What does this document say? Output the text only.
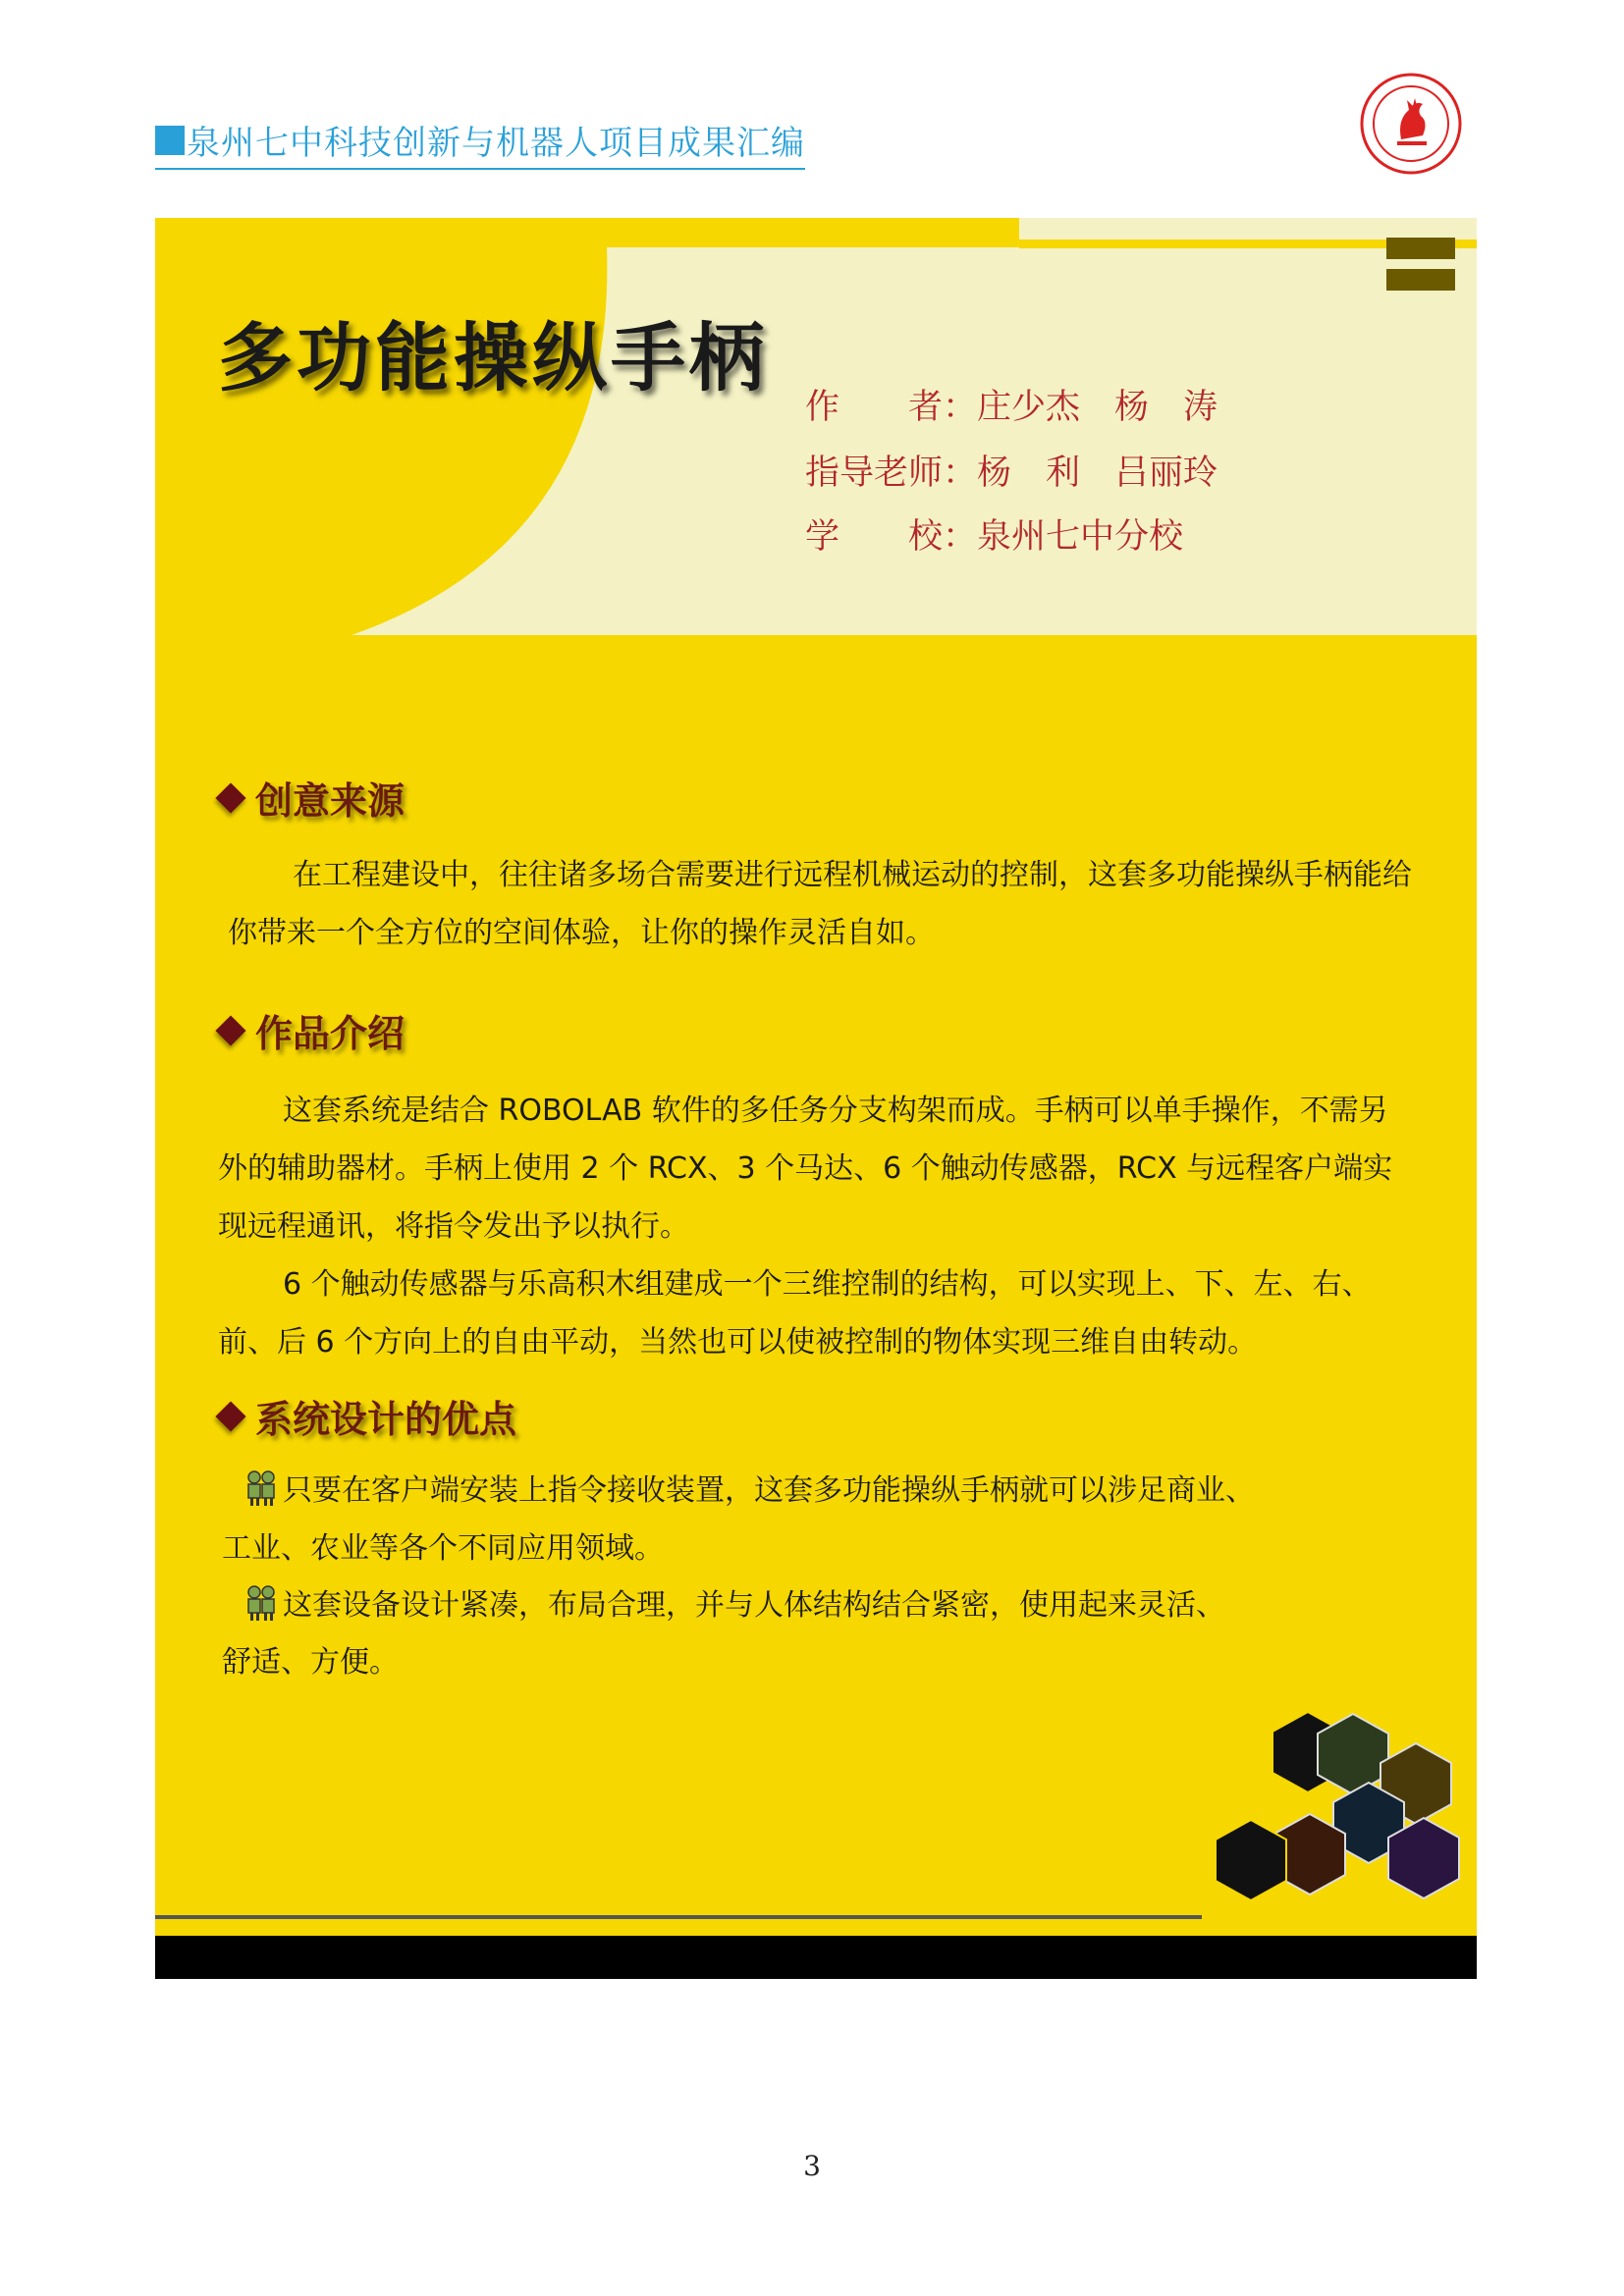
泉州七中科技创新与机器人项目成果汇编
多功能操纵手柄
作　　者：庄少杰　杨　涛
指导老师：杨　利　吕丽玲
学　　校：泉州七中分校
创意来源

在工程建设中，往往诸多场合需要进行远程机械运动的控制，这套多功能操纵手柄能给你带来一个全方位的空间体验，让你的操作灵活自如。

作品介绍

这套系统是结合 ROBOLAB 软件的多任务分支构架而成。手柄可以单手操作，不需另外的辅助器材。手柄上使用 2 个 RCX、3 个马达、6 个触动传感器，RCX 与远程客户端实现远程通讯，将指令发出予以执行。

6 个触动传感器与乐高积木组建成一个三维控制的结构，可以实现上、下、左、右、前、后 6 个方向上的自由平动，当然也可以使被控制的物体实现三维自由转动。

系统设计的优点
只要在客户端安装上指令接收装置，这套多功能操纵手柄就可以涉足商业、
工业、农业等各个不同应用领域。
这套设备设计紧凑，布局合理，并与人体结构结合紧密，使用起来灵活、
舒适、方便。
3
